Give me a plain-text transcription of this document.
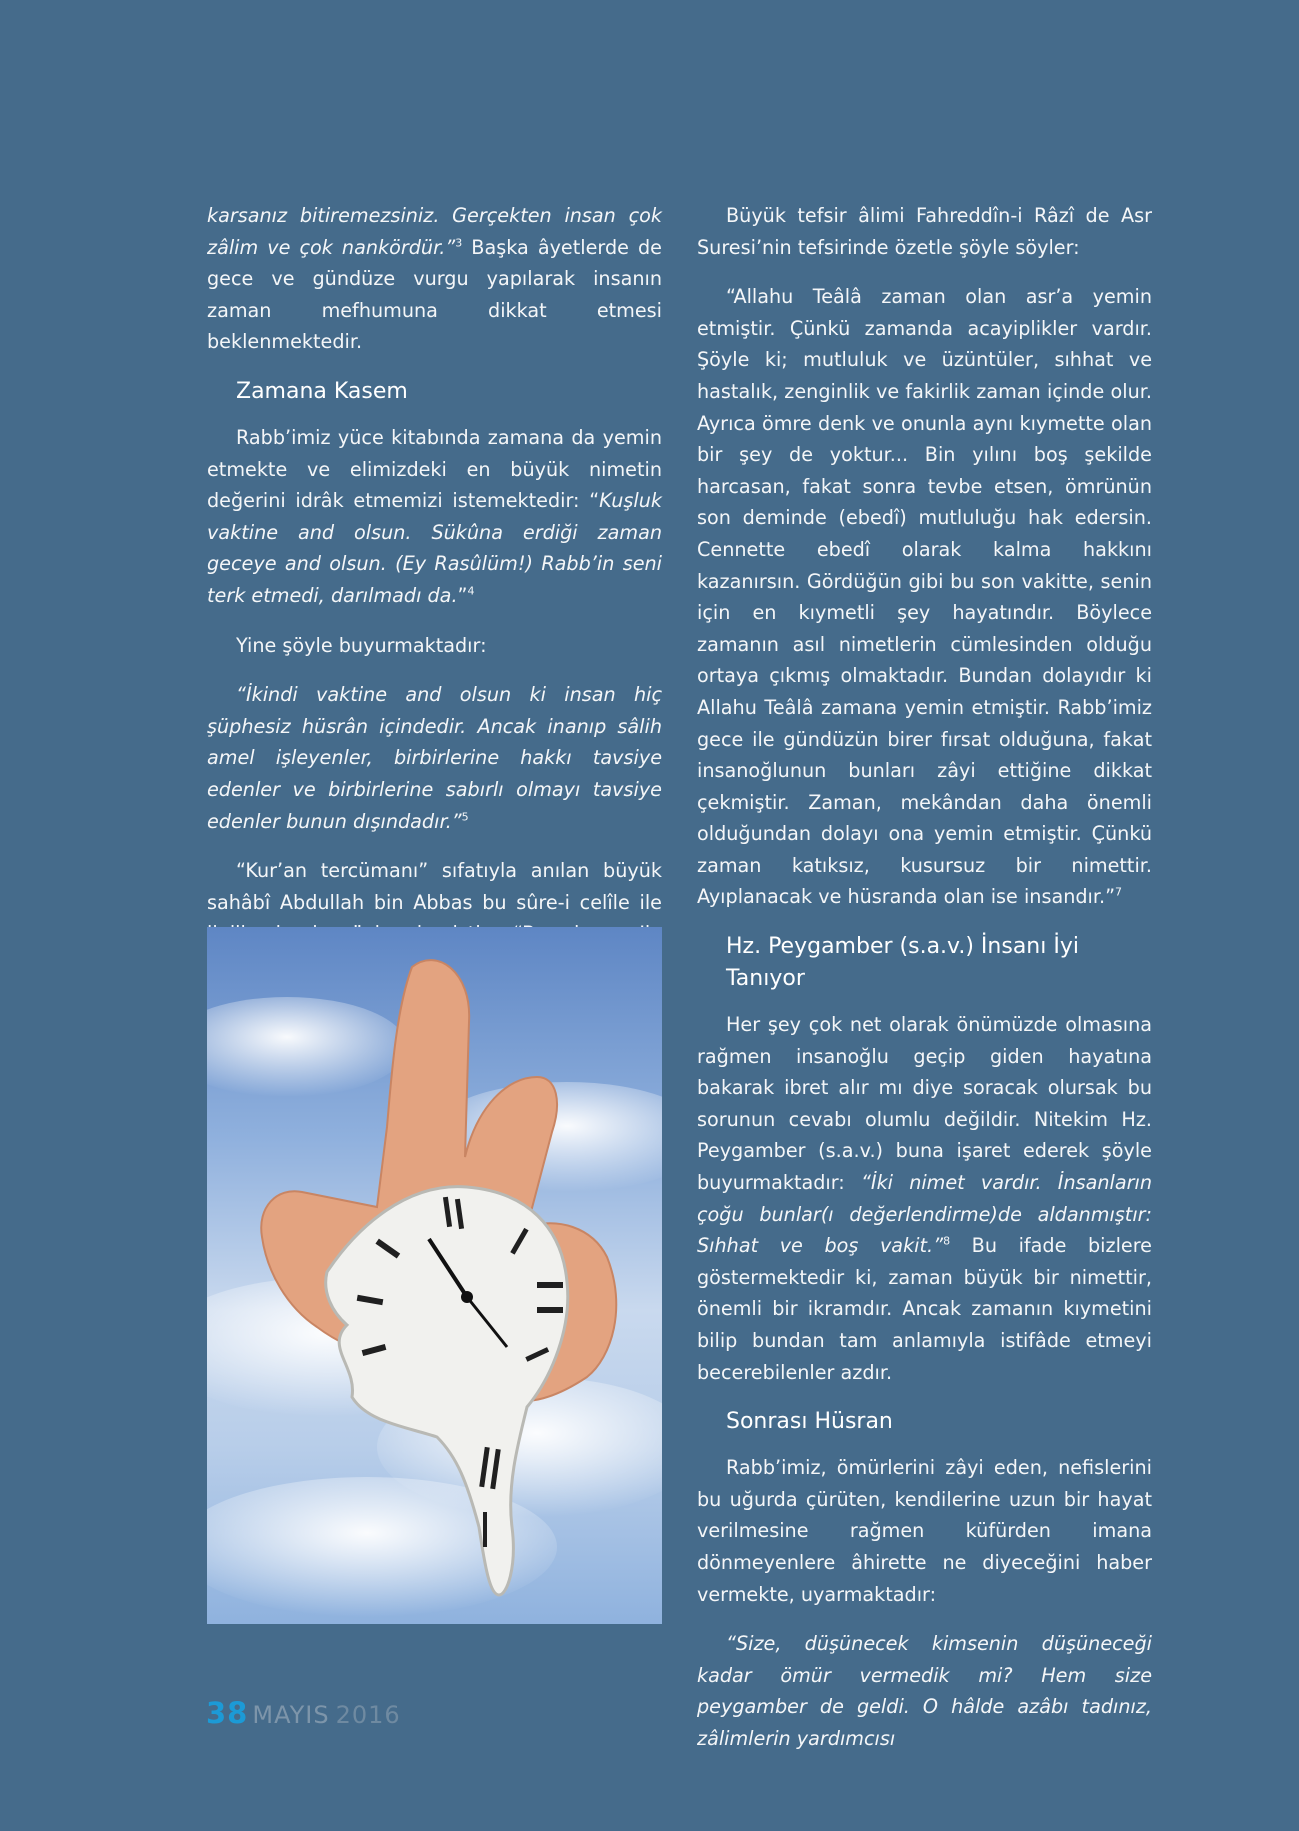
karsanız bitiremezsiniz. Gerçekten insan çok zâlim ve çok nankördür.”$^3$ Başka âyetlerde de gece ve gündüze vurgu yapılarak insanın zaman mefhumuna dikkat etmesi beklenmektedir.

Zamana Kasem

Rabb’imiz yüce kitabında zamana da yemin etmekte ve elimizdeki en büyük nimetin değerini idrâk etmemizi istemektedir: “Kuşluk vaktine and olsun. Sükûna erdiği zaman geceye and olsun. (Ey Rasûlüm!) Rabb’in seni terk etmedi, darılmadı da.”$^4$

Yine şöyle buyurmaktadır:

“İkindi vaktine and olsun ki insan hiç şüphesiz hüsrân içindedir. Ancak inanıp sâlih amel işleyenler, birbirlerine hakkı tavsiye edenler ve birbirlerine sabırlı olmayı tavsiye edenler bunun dışındadır.”$^5$

“Kur’an tercümanı” sıfatıyla anılan büyük sahâbî Abdullah bin Abbas bu sûre-i celîle ile

Büyük tefsir âlimi Fahreddîn-i Râzî de Asr Suresi’nin tefsirinde özetle şöyle söyler:

“Allahu Teâlâ zaman olan asr’a yemin etmiştir. Çünkü zamanda acayiplikler vardır. Şöyle ki; mutluluk ve üzüntüler, sıhhat ve hastalık, zenginlik ve fakirlik zaman içinde olur. Ayrıca ömre denk ve onunla aynı kıymette olan bir şey de yoktur... Bin yılını boş şekilde harcasan, fakat sonra tevbe etsen, ömrünün son deminde (ebedî) mutluluğu hak edersin. Cennette ebedî olarak kalma hakkını kazanırsın. Gördüğün gibi bu son vakitte, senin için en kıymetli şey hayatındır. Böylece zamanın asıl nimetlerin cümlesinden olduğu ortaya çıkmış olmaktadır. Bundan dolayıdır ki Allahu Teâlâ zamana yemin etmiştir. Rabb’imiz gece ile gündüzün birer fırsat olduğuna, fakat insanoğlunun bunları zâyi ettiğine dikkat çekmiştir. Zaman, mekândan daha önemli olduğundan dolayı ona yemin etmiştir. Çünkü zaman katıksız, kusursuz bir nimettir. Ayıplanacak ve hüsranda olan ise insandır.”$^7$

Hz. Peygamber (s.a.v.) İnsanı İyi Tanıyor

Her şey çok net olarak önümüzde olmasına rağmen insanoğlu geçip giden hayatına bakarak ibret alır mı diye soracak olursak bu sorunun cevabı olumlu değildir. Nitekim Hz. Peygamber (s.a.v.) buna işaret ederek şöyle buyurmaktadır: “İki nimet vardır. İnsanların çoğu bunlar(ı değerlendirme)de aldanmıştır: Sıhhat ve boş vakit.”$^8$ Bu ifade bizlere göstermektedir ki, zaman büyük bir nimettir, önemli bir ikramdır. Ancak zamanın kıymetini bilip bundan tam anlamıyla istifâde etmeyi becerebilenler azdır.

Sonrası Hüsran

Rabb’imiz, ömürlerini zâyi eden, nefislerini bu uğurda çürüten, kendilerine uzun bir hayat verilmesine rağmen küfürden imana dönmeyenlere âhirette ne diyeceğini haber vermekte, uyarmaktadır:

“Size, düşünecek kimsenin düşüneceği kadar ömür vermedik mi? Hem size peygamber de geldi. O hâlde azâbı tadınız, zâlimlerin yardımcısı

38 MAYIS 2016
